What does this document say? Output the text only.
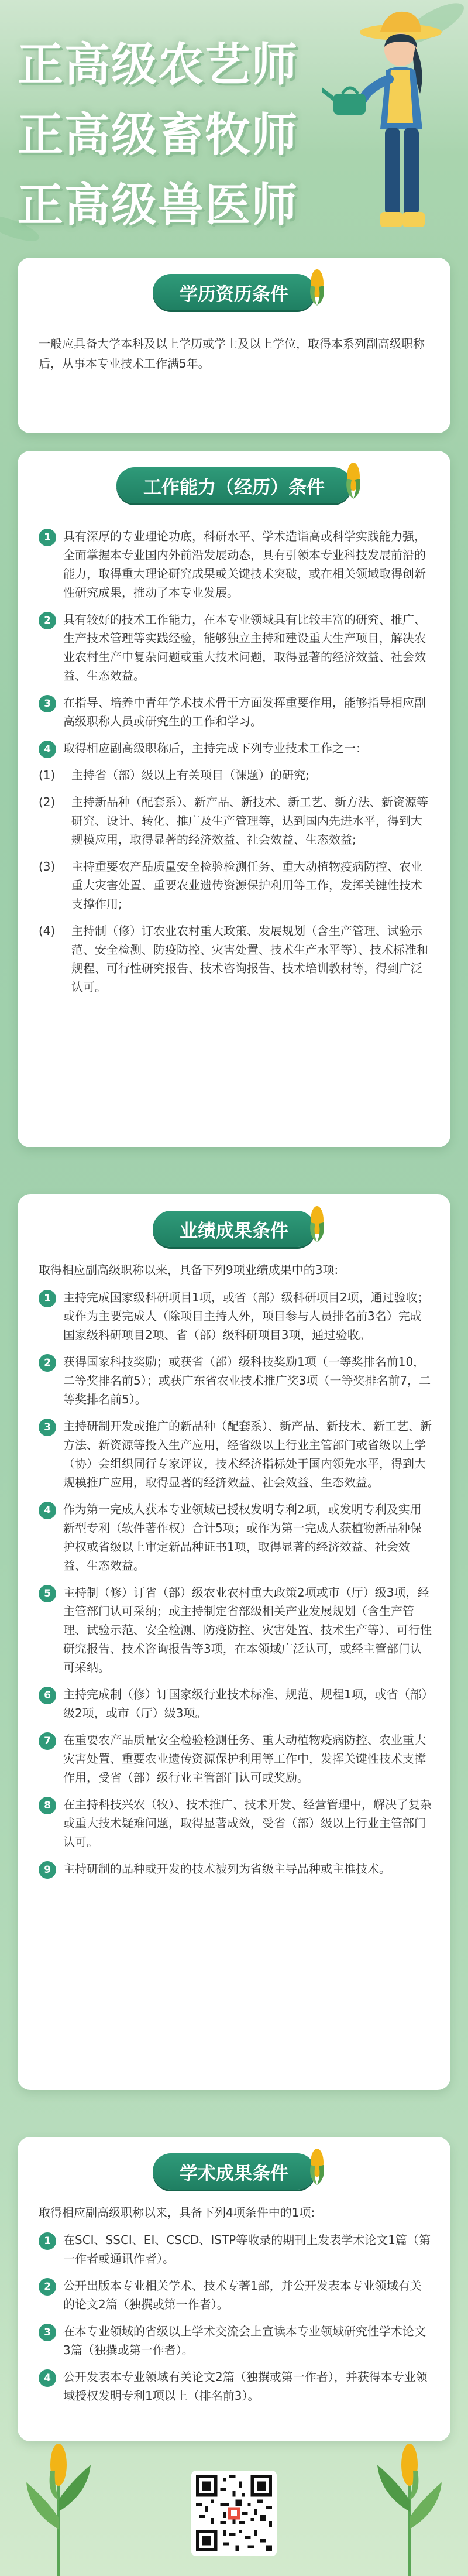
正高级农艺师
正高级畜牧师
正高级兽医师
学历资历条件
一般应具备大学本科及以上学历或学士及以上学位，取得本系列副高级职称后，从事本专业技术工作满5年。
工作能力（经历）条件
1	具有深厚的专业理论功底，科研水平、学术造诣高或科学实践能力强，全面掌握本专业国内外前沿发展动态，具有引领本专业科技发展前沿的能力，取得重大理论研究成果或关键技术突破，或在相关领域取得创新性研究成果，推动了本专业发展。
2	具有较好的技术工作能力，在本专业领域具有比较丰富的研究、推广、生产技术管理等实践经验，能够独立主持和建设重大生产项目，解决农业农村生产中复杂问题或重大技术问题，取得显著的经济效益、社会效益、生态效益。
3	在指导、培养中青年学术技术骨干方面发挥重要作用，能够指导相应副高级职称人员或研究生的工作和学习。
4	取得相应副高级职称后，主持完成下列专业技术工作之一：
(1) 主持省（部）级以上有关项目（课题）的研究;
(2) 主持新品种（配套系）、新产品、新技术、新工艺、新方法、新资源等研究、设计、转化、推广及生产管理等，达到国内先进水平，得到大规模应用，取得显著的经济效益、社会效益、生态效益;
(3) 主持重要农产品质量安全检验检测任务、重大动植物疫病防控、农业重大灾害处置、重要农业遗传资源保护利用等工作，发挥关键性技术支撑作用;
(4) 主持制（修）订农业农村重大政策、发展规划（含生产管理、试验示范、安全检测、防疫防控、灾害处置、技术生产水平等）、技术标准和规程、可行性研究报告、技术咨询报告、技术培训教材等，得到广泛认可。
业绩成果条件
取得相应副高级职称以来，具备下列9项业绩成果中的3项:
1	主持完成国家级科研项目1项，或省（部）级科研项目2项，通过验收；或作为主要完成人（除项目主持人外，项目参与人员排名前3名）完成国家级科研项目2项、省（部）级科研项目3项，通过验收。
2	获得国家科技奖励；或获省（部）级科技奖励1项（一等奖排名前10，二等奖排名前5）；或获广东省农业技术推广奖3项（一等奖排名前7，二等奖排名前5）。
3	主持研制开发或推广的新品种（配套系）、新产品、新技术、新工艺、新方法、新资源等投入生产应用，经省级以上行业主管部门或省级以上学（协）会组织同行专家评议，技术经济指标处于国内领先水平，得到大规模推广应用，取得显著的经济效益、社会效益、生态效益。
4	作为第一完成人获本专业领域已授权发明专利2项，或发明专利及实用新型专利（软件著作权）合计5项；或作为第一完成人获植物新品种保护权或省级以上审定新品种证书1项，取得显著的经济效益、社会效益、生态效益。
5	主持制（修）订省（部）级农业农村重大政策2项或市（厅）级3项，经主管部门认可采纳；或主持制定省部级相关产业发展规划（含生产管理、试验示范、安全检测、防疫防控、灾害处置、技术生产等）、可行性研究报告、技术咨询报告等3项，在本领域广泛认可，或经主管部门认可采纳。
6	主持完成制（修）订国家级行业技术标准、规范、规程1项，或省（部）级2项，或市（厅）级3项。
7	在重要农产品质量安全检验检测任务、重大动植物疫病防控、农业重大灾害处置、重要农业遗传资源保护利用等工作中，发挥关键性技术支撑作用，受省（部）级行业主管部门认可或奖励。
8	在主持科技兴农（牧）、技术推广、技术开发、经营管理中，解决了复杂或重大技术疑难问题，取得显著成效，受省（部）级以上行业主管部门认可。
9	主持研制的品种或开发的技术被列为省级主导品种或主推技术。
学术成果条件
取得相应副高级职称以来，具备下列4项条件中的1项:
1	在SCI、SSCI、EI、CSCD、ISTP等收录的期刊上发表学术论文1篇（第一作者或通讯作者）。
2	公开出版本专业相关学术、技术专著1部，并公开发表本专业领域有关的论文2篇（独撰或第一作者）。
3	在本专业领域的省级以上学术交流会上宣读本专业领域研究性学术论文3篇（独撰或第一作者）。
4	公开发表本专业领域有关论文2篇（独撰或第一作者），并获得本专业领域授权发明专利1项以上（排名前3）。
